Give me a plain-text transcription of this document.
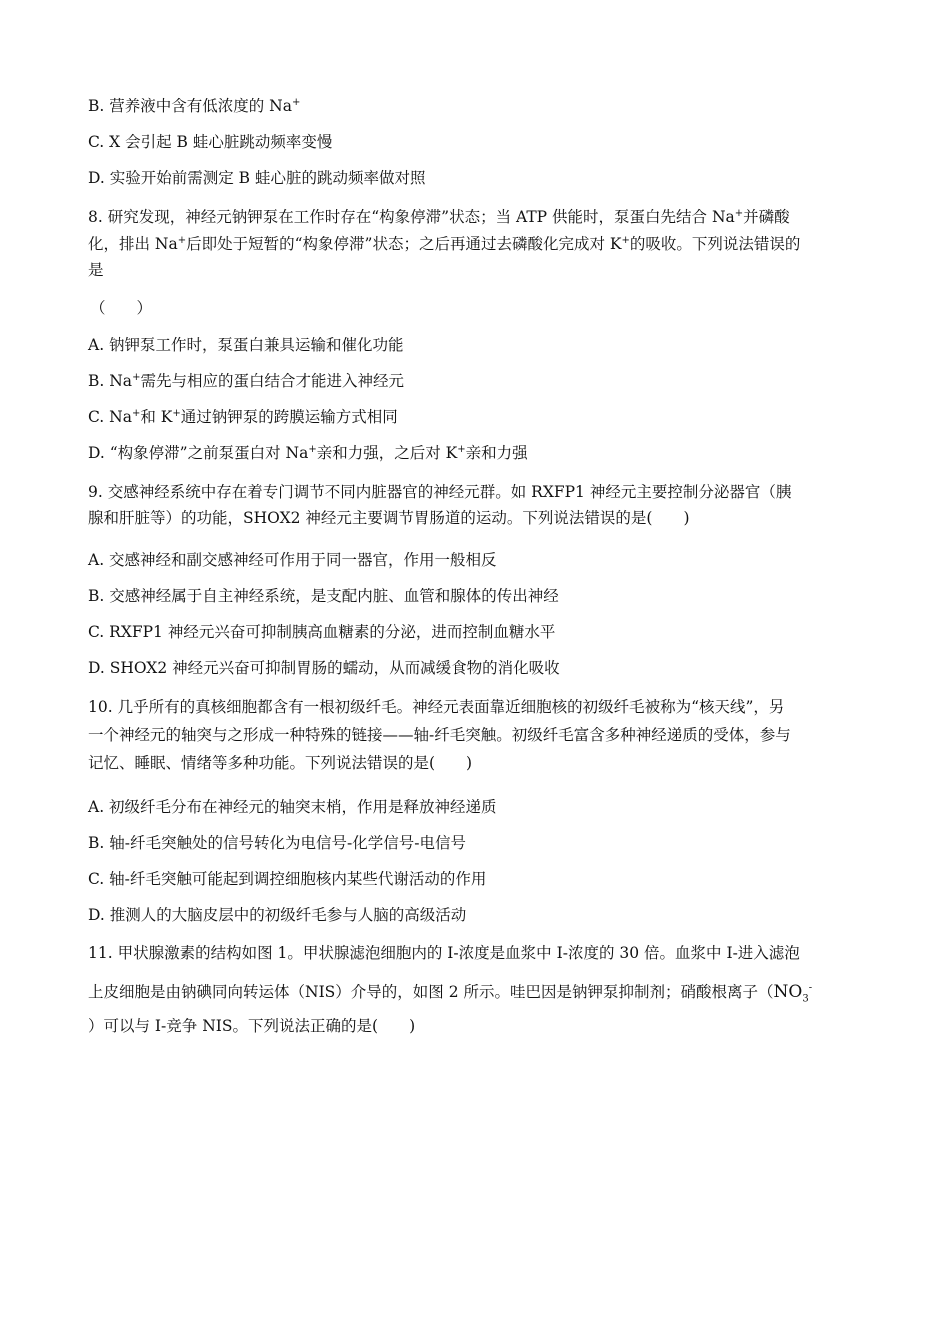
B. 营养液中含有低浓度的 Na+
C. X 会引起 B 蛙心脏跳动频率变慢
D. 实验开始前需测定 B 蛙心脏的跳动频率做对照
8. 研究发现，神经元钠钾泵在工作时存在“构象停滞”状态；当 ATP 供能时，泵蛋白先结合 Na+并磷酸
化，排出 Na+后即处于短暂的“构象停滞”状态；之后再通过去磷酸化完成对 K+的吸收。下列说法错误的
是
（　　）
A. 钠钾泵工作时，泵蛋白兼具运输和催化功能
B. Na+需先与相应的蛋白结合才能进入神经元
C. Na+和 K+通过钠钾泵的跨膜运输方式相同
D. “构象停滞”之前泵蛋白对 Na+亲和力强，之后对 K+亲和力强
9. 交感神经系统中存在着专门调节不同内脏器官的神经元群。如 RXFP1 神经元主要控制分泌器官（胰
腺和肝脏等）的功能，SHOX2 神经元主要调节胃肠道的运动。下列说法错误的是(　　)
A. 交感神经和副交感神经可作用于同一器官，作用一般相反
B. 交感神经属于自主神经系统，是支配内脏、血管和腺体的传出神经
C. RXFP1 神经元兴奋可抑制胰高血糖素的分泌，进而控制血糖水平
D. SHOX2 神经元兴奋可抑制胃肠的蠕动，从而减缓食物的消化吸收
10. 几乎所有的真核细胞都含有一根初级纤毛。神经元表面靠近细胞核的初级纤毛被称为“核天线”，另
一个神经元的轴突与之形成一种特殊的链接——轴-纤毛突触。初级纤毛富含多种神经递质的受体，参与
记忆、睡眠、情绪等多种功能。下列说法错误的是(　　)
A. 初级纤毛分布在神经元的轴突末梢，作用是释放神经递质
B. 轴-纤毛突触处的信号转化为电信号-化学信号-电信号
C. 轴-纤毛突触可能起到调控细胞核内某些代谢活动的作用
D. 推测人的大脑皮层中的初级纤毛参与人脑的高级活动
11. 甲状腺激素的结构如图 1。甲状腺滤泡细胞内的 I-浓度是血浆中 I-浓度的 30 倍。血浆中 I-进入滤泡
上皮细胞是由钠碘同向转运体（NIS）介导的，如图 2 所示。哇巴因是钠钾泵抑制剂；硝酸根离子（$NO_3^-$
）可以与 I-竞争 NIS。下列说法正确的是(　　)
